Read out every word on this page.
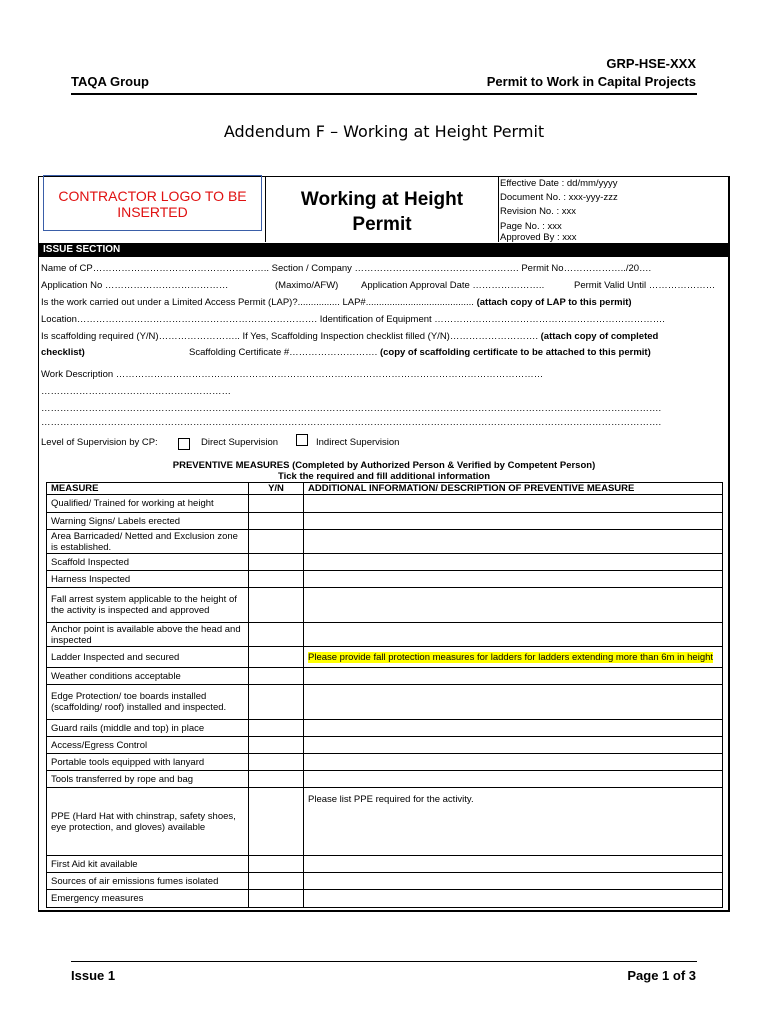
GRP-HSE-XXX
TAQA Group	Permit to Work in Capital Projects
Addendum F – Working at Height Permit
CONTRACTOR LOGO TO BE INSERTED
Working at Height
Permit
Effective Date : dd/mm/yyyy
Document No. : xxx-yyy-zzz
Revision No. : xxx
Page No. : xxx
Approved By : xxx
ISSUE SECTION
Name of CP……………………………………………….. Section / Company ……………………………………………. Permit No………………../20….
Application No …………………………………	(Maximo/AFW) Application Approval Date …………………..	Permit Valid Until …………………
Is the work carried out under a Limited Access Permit (LAP)?................ LAP#......................................... (attach copy of LAP to this permit)
Location…………………………………………………………………. Identification of Equipment ……………………………………………………………….
Is scaffolding required (Y/N)…………………….. If Yes, Scaffolding Inspection checklist filled (Y/N)………………………. (attach copy of completed
checklist)	Scaffolding Certificate #………………………. (copy of scaffolding certificate to be attached to this permit)
Work Description ………………………………………………………………………………………………………………………
……………………………………………………
…………………………………………………………………………………………………………………………………………………………………………….
…………………………………………………………………………………………………………………………………………………………………………….
Level of Supervision by CP:	Direct Supervision	Indirect Supervision
PREVENTIVE MEASURES (Completed by Authorized Person & Verified by Competent Person)
Tick the required and fill additional information
MEASURE	Y/N	ADDITIONAL INFORMATION/ DESCRIPTION OF PREVENTIVE MEASURE
Qualified/ Trained for working at height		
Warning Signs/ Labels erected		
Area Barricaded/ Netted and Exclusion zone is established.		
Scaffold Inspected		
Harness Inspected		
Fall arrest system applicable to the height of the activity is inspected and approved		
Anchor point is available above the head and inspected		
Ladder Inspected and secured		Please provide fall protection measures for ladders for ladders extending more than 6m in height
Weather conditions acceptable		
Edge Protection/ toe boards installed (scaffolding/ roof) installed and inspected.		
Guard rails (middle and top) in place		
Access/Egress Control		
Portable tools equipped with lanyard		
Tools transferred by rope and bag		
PPE (Hard Hat with chinstrap, safety shoes, eye protection, and gloves) available		Please list PPE required for the activity.
First Aid kit available		
Sources of air emissions fumes isolated		
Emergency measures		
Issue 1	Page 1 of 3
